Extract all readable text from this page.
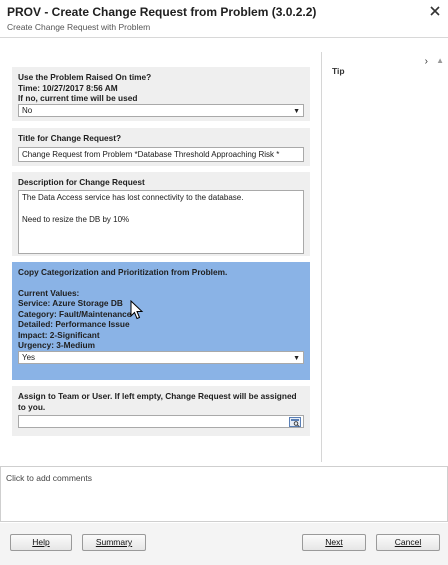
PROV - Create Change Request from Problem (3.0.2.2)
Create Change Request with Problem
Use the Problem Raised On time?
Time: 10/27/2017 8:56 AM
If no, current time will be used
No	▼
Title for Change Request?
Change Request from Problem *Database Threshold Approaching Risk *
Description for Change Request

The Data Access service has lost connectivity to the database.

Need to resize the DB by 10%

Copy Categorization and Prioritization from Problem.
Current Values:
Service: Azure Storage DB
Category: Fault/Maintenance
Detailed: Performance Issue
Impact: 2-Significant
Urgency: 3-Medium
Yes	▼
Assign to Team or User. If left empty, Change Request will be assigned
to you.
› ▲
Tip
Click to add comments
Help	Summary	Next	Cancel
